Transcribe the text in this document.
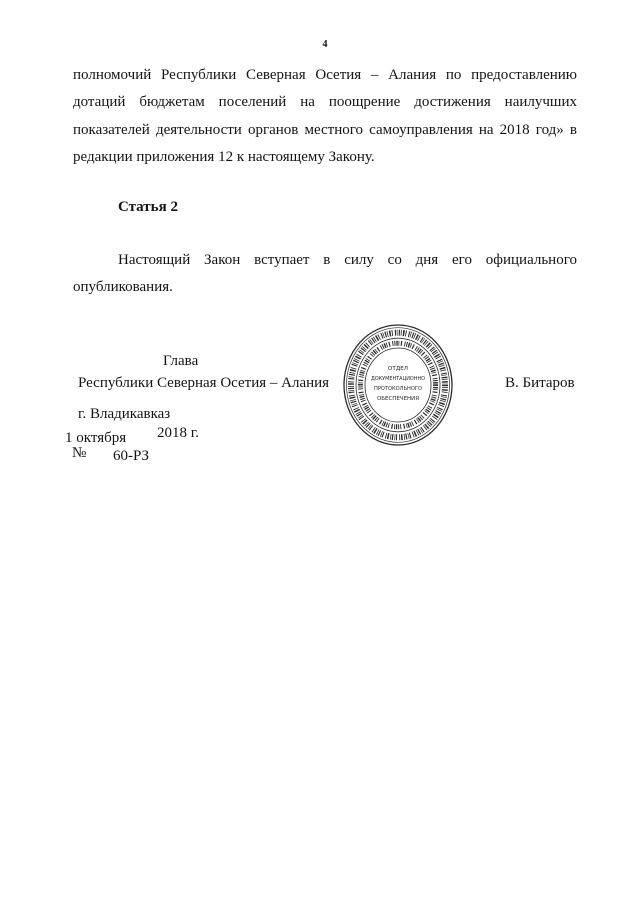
4
полномочий Республики Северная Осетия – Алания по предоставлению
дотаций бюджетам поселений на поощрение достижения наилучших
показателей деятельности органов местного самоуправления на 2018 год» в
редакции приложения 12 к настоящему Закону.
Статья 2
Настоящий Закон вступает в силу со дня его официального
опубликования.
Глава
Республики Северная Осетия – Алания	В. Битаров
ОТДЕЛ
ДОКУМЕНТАЦИОННО
ПРОТОКОЛЬНОГО
ОБЕСПЕЧЕНИЯ
г. Владикавказ
1 октября 2018 г.
№ 60-РЗ
